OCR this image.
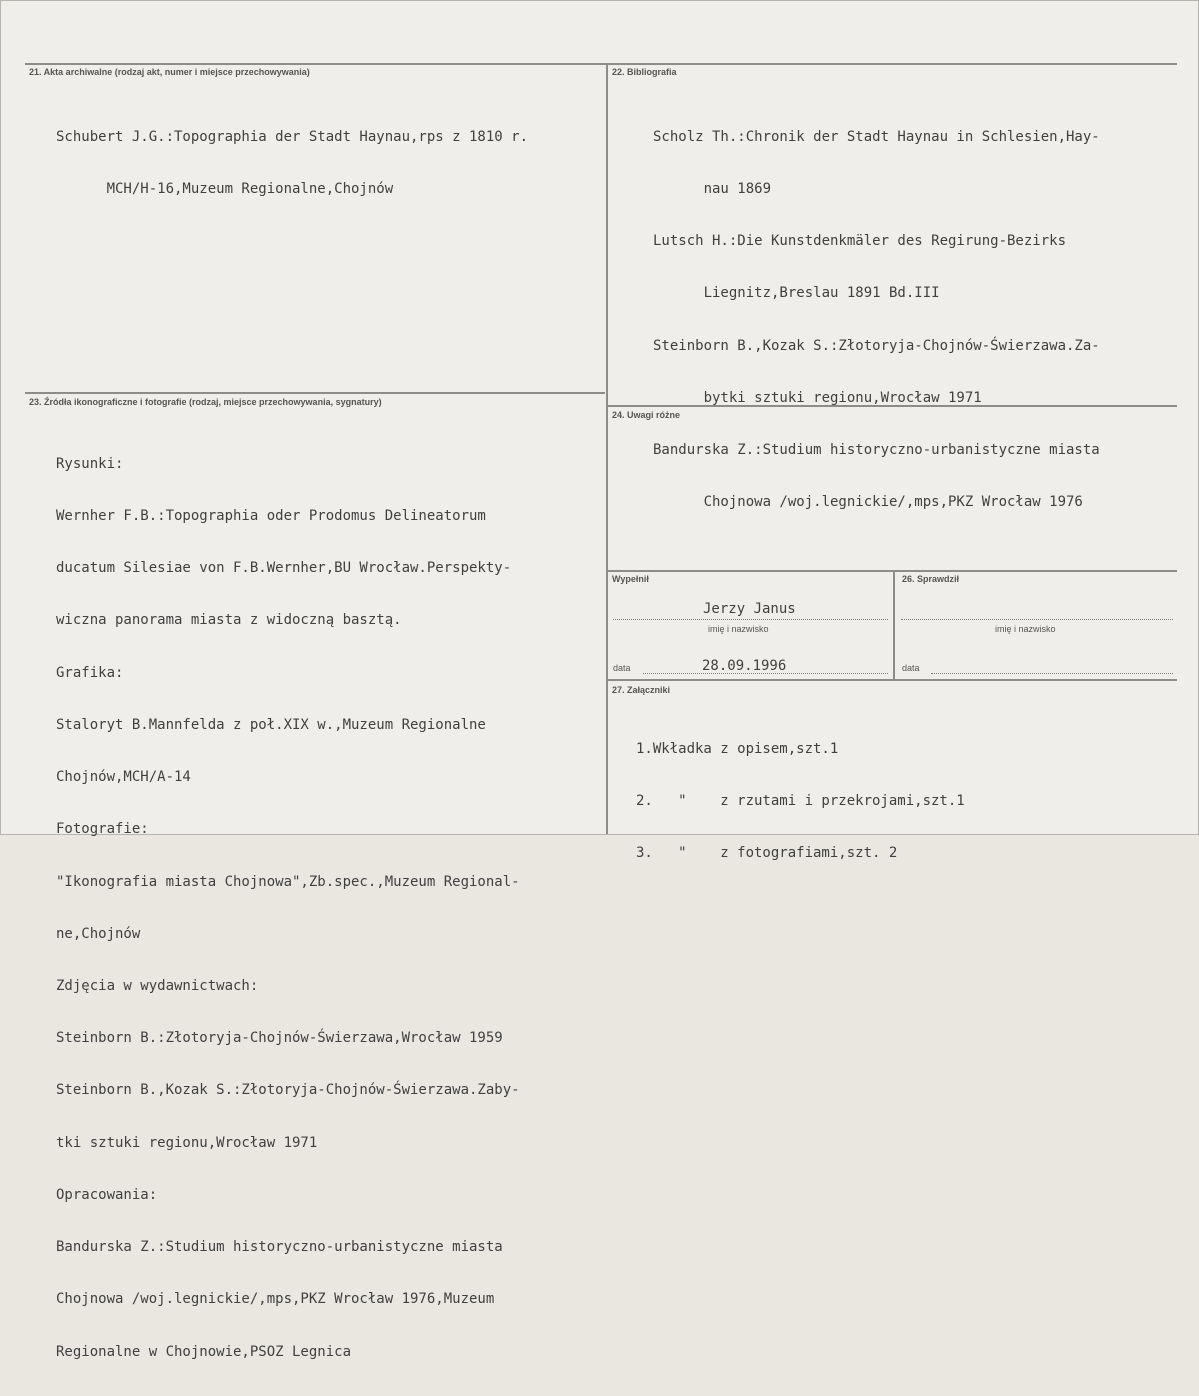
21. Akta archiwalne (rodzaj akt, numer i miejsce przechowywania)

Schubert J.G.:Topographia der Stadt Haynau,rps z 1810 r.

MCH/H-16,Muzeum Regionalne,Chojnów

22. Bibliografia

Scholz Th.:Chronik der Stadt Haynau in Schlesien,Hay-

nau 1869

Lutsch H.:Die Kunstdenkmäler des Regirung-Bezirks

Liegnitz,Breslau 1891 Bd.III

Steinborn B.,Kozak S.:Złotoryja-Chojnów-Świerzawa.Za-

bytki sztuki regionu,Wrocław 1971

Bandurska Z.:Studium historyczno-urbanistyczne miasta

Chojnowa /woj.legnickie/,mps,PKZ Wrocław 1976

23. Źródła ikonograficzne i fotografie (rodzaj, miejsce przechowywania, sygnatury)

Rysunki:

Wernher F.B.:Topographia oder Prodomus Delineatorum

ducatum Silesiae von F.B.Wernher,BU Wrocław.Perspekty-

wiczna panorama miasta z widoczną basztą.

Grafika:

Staloryt B.Mannfelda z poł.XIX w.,Muzeum Regionalne

Chojnów,MCH/A-14

Fotografie:

"Ikonografia miasta Chojnowa",Zb.spec.,Muzeum Regional-

ne,Chojnów

Zdjęcia w wydawnictwach:

Steinborn B.:Złotoryja-Chojnów-Świerzawa,Wrocław 1959

Steinborn B.,Kozak S.:Złotoryja-Chojnów-Świerzawa.Zaby-

tki sztuki regionu,Wrocław 1971

Opracowania:

Bandurska Z.:Studium historyczno-urbanistyczne miasta

Chojnowa /woj.legnickie/,mps,PKZ Wrocław 1976,Muzeum

Regionalne w Chojnowie,PSOZ Legnica

24. Uwagi różne
Wypełnił
Jerzy Janus
imię i nazwisko
data	28.09.1996
26. Sprawdził
imię i nazwisko
data
27. Załączniki

1.Wkładka z opisem,szt.1

2.   "    z rzutami i przekrojami,szt.1

3.   "    z fotografiami,szt. 2
